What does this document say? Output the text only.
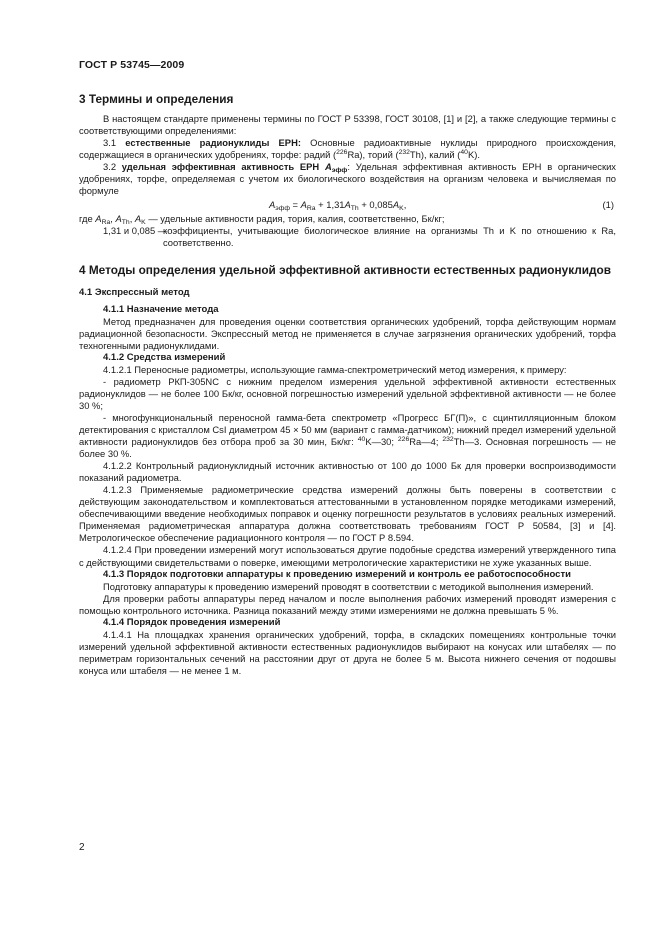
ГОСТ Р 53745—2009
3 Термины и определения

В настоящем стандарте применены термины по ГОСТ Р 53398, ГОСТ 30108, [1] и [2], а также следующие термины с соответствующими определениями:

3.1 естественные радионуклиды ЕРН: Основные радиоактивные нуклиды природного происхождения, содержащиеся в органических удобрениях, торфе: радий ($^{226}$Ra), торий ($^{232}$Th), калий ($^{40}$K).

3.2 удельная эффективная активность ЕРН $A_{эфф}$: Удельная эффективная активность ЕРН в органических удобрениях, торфе, определяемая с учетом их биологического воздействия на организм человека и вычисляемая по формуле

$A_{эфф} = A_{Ra} + 1,31A_{Th} + 0,085A_K$,	(1)

где $A_{Ra}$, $A_{Th}$, $A_K$ — удельные активности радия, тория, калия, соответственно, Бк/кг;

1,31 и 0,085 —
коэффициенты, учитывающие биологическое влияние на организмы Th и K по отношению к Ra, соответственно.
4 Методы определения удельной эффективной активности естественных радионуклидов
4.1 Экспрессный метод
4.1.1 Назначение метода

Метод предназначен для проведения оценки соответствия органических удобрений, торфа действующим нормам радиационной безопасности. Экспрессный метод не применяется в случае загрязнения органических удобрений, торфа техногенными радионуклидами.

4.1.2 Средства измерений

4.1.2.1 Переносные радиометры, использующие гамма-спектрометрический метод измерения, к примеру:

- радиометр РКП-305NC с нижним пределом измерения удельной эффективной активности естественных радионуклидов — не более 100 Бк/кг, основной погрешностью измерений удельной эффективной активности — не более 30 %;

- многофункциональный переносной гамма-бета спектрометр «Прогресс БГ(П)», с сцинтилляционным блоком детектирования с кристаллом CsI диаметром 45 × 50 мм (вариант с гамма-датчиком); нижний предел измерений удельной активности радионуклидов без отбора проб за 30 мин, Бк/кг: $^{40}$K—30; $^{226}$Ra—4; $^{232}$Th—3. Основная погрешность — не более 30 %.

4.1.2.2 Контрольный радионуклидный источник активностью от 100 до 1000 Бк для проверки воспроизводимости показаний радиометра.

4.1.2.3 Применяемые радиометрические средства измерений должны быть поверены в соответствии с действующим законодательством и комплектоваться аттестованными в установленном порядке методиками измерений, обеспечивающими введение необходимых поправок и оценку погрешности результатов в условиях реальных измерений. Применяемая радиометрическая аппаратура должна соответствовать требованиям ГОСТ Р 50584, [3] и [4]. Метрологическое обеспечение радиационного контроля — по ГОСТ Р 8.594.

4.1.2.4 При проведении измерений могут использоваться другие подобные средства измерений утвержденного типа с действующими свидетельствами о поверке, имеющими метрологические характеристики не хуже указанных выше.

4.1.3 Порядок подготовки аппаратуры к проведению измерений и контроль ее работоспособности

Подготовку аппаратуры к проведению измерений проводят в соответствии с методикой выполнения измерений.

Для проверки работы аппаратуры перед началом и после выполнения рабочих измерений проводят измерения с помощью контрольного источника. Разница показаний между этими измерениями не должна превышать 5 %.

4.1.4 Порядок проведения измерений

4.1.4.1 На площадках хранения органических удобрений, торфа, в складских помещениях контрольные точки измерений удельной эффективной активности естественных радионуклидов выбирают на конусах или штабелях — по периметрам горизонтальных сечений на расстоянии друг от друга не более 5 м. Высота нижнего сечения от подошвы конуса или штабеля — не менее 1 м.

2
